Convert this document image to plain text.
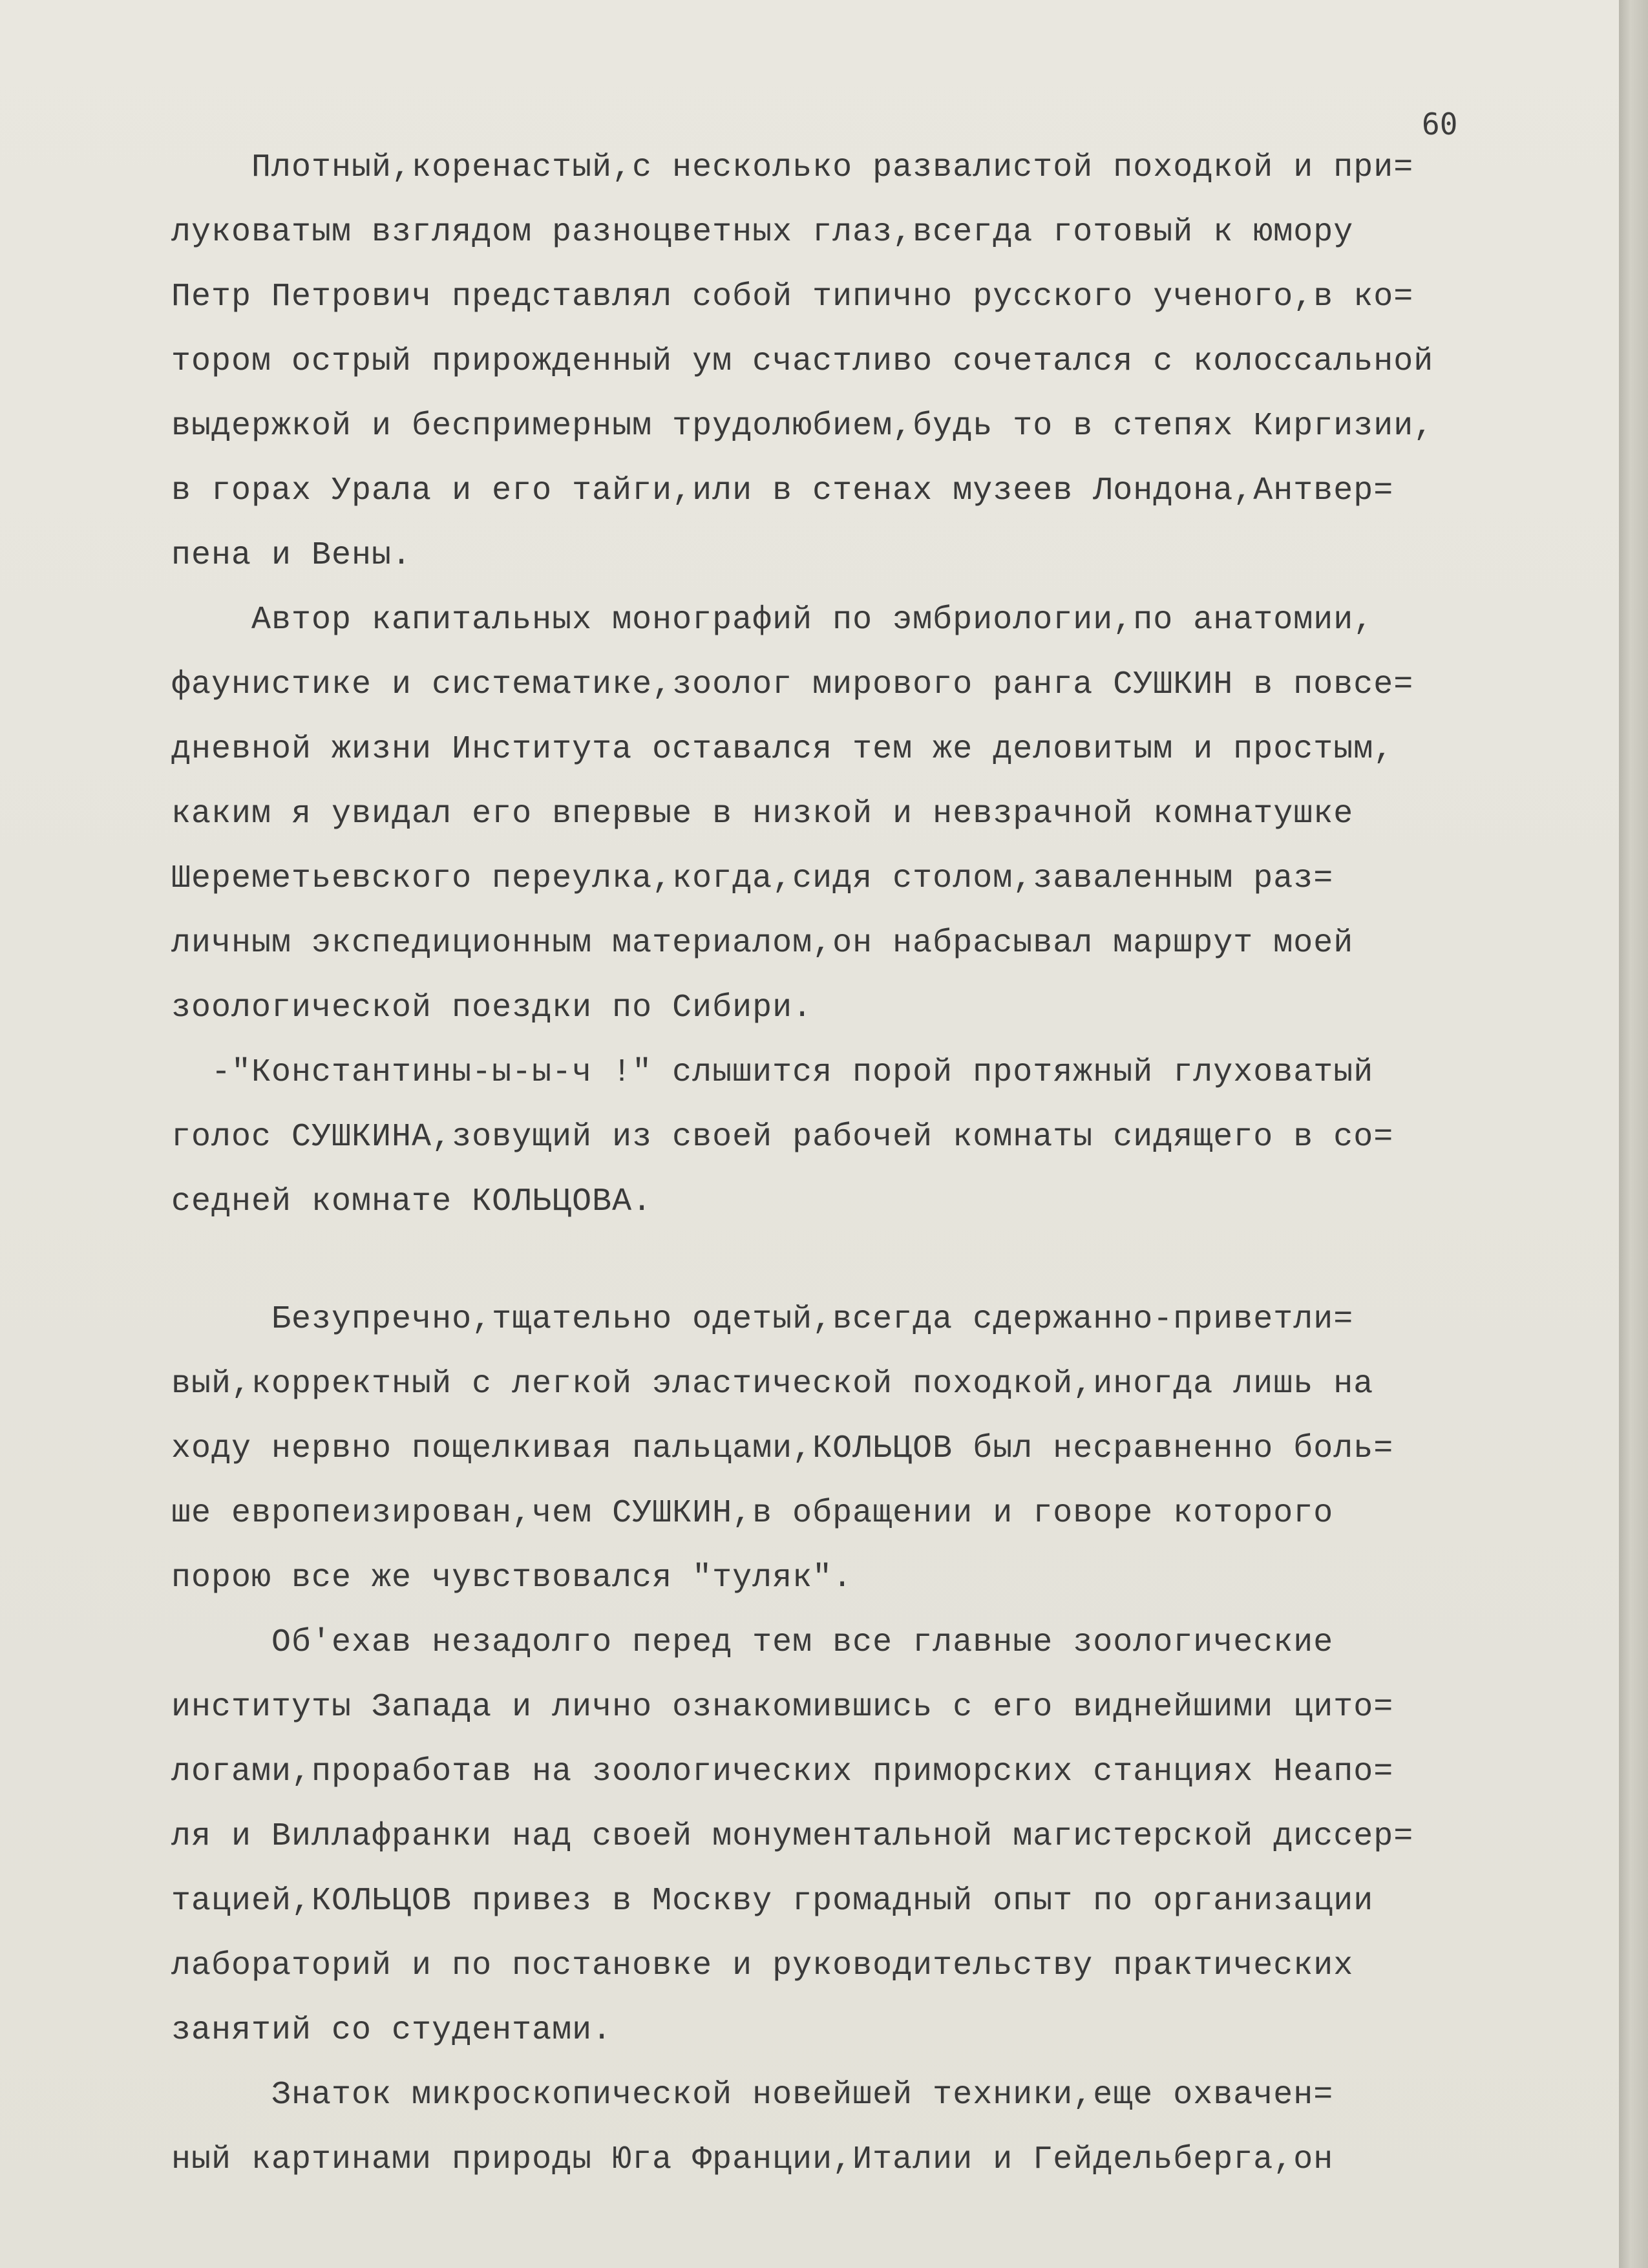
60
Плотный,коренастый,с несколько развалистой походкой и при=
луковатым взглядом разноцветных глаз,всегда готовый к юмору
Петр Петрович представлял собой типично русского ученого,в ко=
тором острый прирожденный ум счастливо сочетался с колоссальной
выдержкой и беспримерным трудолюбием,будь то в степях Киргизии,
в горах Урала и его тайги,или в стенах музеев Лондона,Антвер=
пена и Вены.
Автор капитальных монографий по эмбриологии,по анатомии,
фаунистике и систематике,зоолог мирового ранга СУШКИН в повсе=
дневной жизни Института оставался тем же деловитым и простым,
каким я увидал его впервые в низкой и невзрачной комнатушке
Шереметьевского переулка,когда,сидя столом,заваленным раз=
личным экспедиционным материалом,он набрасывал маршрут моей
зоологической поездки по Сибири.
-"Константины-ы-ы-ч !" слышится порой протяжный глуховатый
голос СУШКИНА,зовущий из своей рабочей комнаты сидящего в со=
седней комнате КОЛЬЦОВА.
Безупречно,тщательно одетый,всегда сдержанно-приветли=
вый,корректный с легкой эластической походкой,иногда лишь на
ходу нервно пощелкивая пальцами,КОЛЬЦОВ был несравненно боль=
ше европеизирован,чем СУШКИН,в обращении и говоре которого
порою все же чувствовался "туляк".
Об'ехав незадолго перед тем все главные зоологические
институты Запада и лично ознакомившись с его виднейшими цито=
логами,проработав на зоологических приморских станциях Неапо=
ля и Виллафранки над своей монументальной магистерской диссер=
тацией,КОЛЬЦОВ привез в Москву громадный опыт по организации
лабораторий и по постановке и руководительству практических
занятий со студентами.
Знаток микроскопической новейшей техники,еще охвачен=
ный картинами природы Юга Франции,Италии и Гейдельберга,он
